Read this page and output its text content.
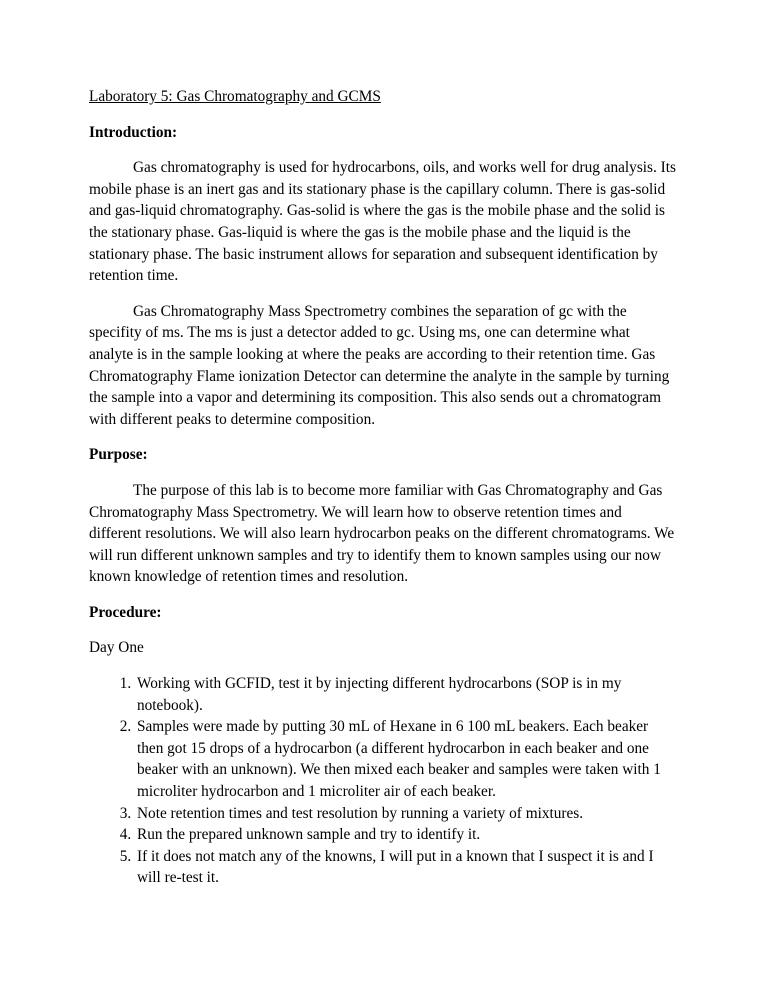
Laboratory 5: Gas Chromatography and GCMS

Introduction:

Gas chromatography is used for hydrocarbons, oils, and works well for drug analysis. Its mobile phase is an inert gas and its stationary phase is the capillary column. There is gas-solid and gas-liquid chromatography. Gas-solid is where the gas is the mobile phase and the solid is the stationary phase. Gas-liquid is where the gas is the mobile phase and the liquid is the stationary phase. The basic instrument allows for separation and subsequent identification by retention time.

Gas Chromatography Mass Spectrometry combines the separation of gc with the specifity of ms. The ms is just a detector added to gc. Using ms, one can determine what analyte is in the sample looking at where the peaks are according to their retention time. Gas Chromatography Flame ionization Detector can determine the analyte in the sample by turning the sample into a vapor and determining its composition. This also sends out a chromatogram with different peaks to determine composition.

Purpose:

The purpose of this lab is to become more familiar with Gas Chromatography and Gas Chromatography Mass Spectrometry. We will learn how to observe retention times and different resolutions. We will also learn hydrocarbon peaks on the different chromatograms. We will run different unknown samples and try to identify them to known samples using our now known knowledge of retention times and resolution.

Procedure:

Day One

1. Working with GCFID, test it by injecting different hydrocarbons (SOP is in my notebook).
2. Samples were made by putting 30 mL of Hexane in 6 100 mL beakers. Each beaker then got 15 drops of a hydrocarbon (a different hydrocarbon in each beaker and one beaker with an unknown). We then mixed each beaker and samples were taken with 1 microliter hydrocarbon and 1 microliter air of each beaker.
3. Note retention times and test resolution by running a variety of mixtures.
4. Run the prepared unknown sample and try to identify it.
5. If it does not match any of the knowns, I will put in a known that I suspect it is and I will re-test it.
